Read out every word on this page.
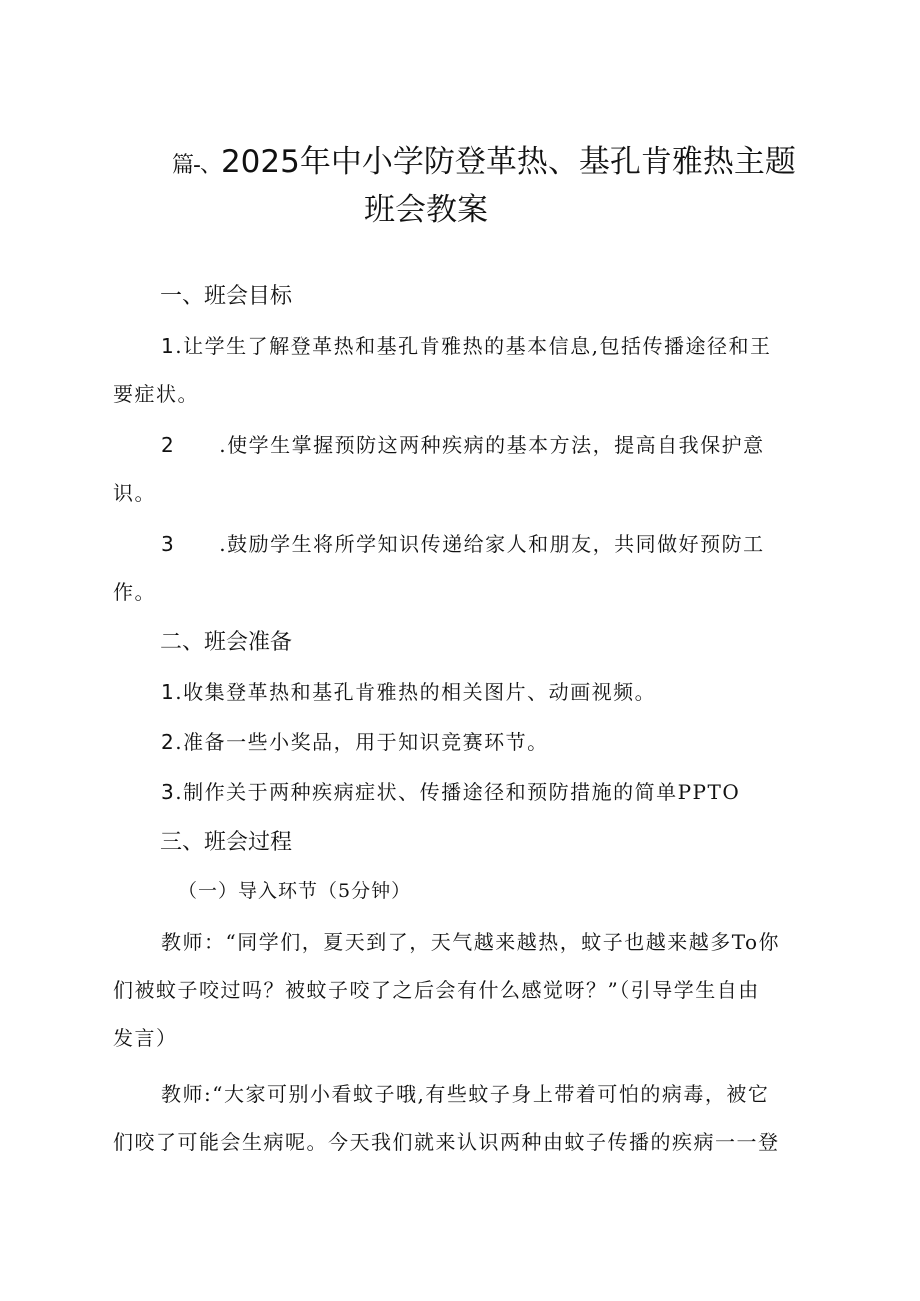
篇-、2025年中小学防登革热、基孔肯雅热主题
班会教案
一、班会目标
1.让学生了解登革热和基孔肯雅热的基本信息,包括传播途径和王
要症状。
2 .使学生掌握预防这两种疾病的基本方法，提高自我保护意
识。
3 .鼓励学生将所学知识传递给家人和朋友，共同做好预防工
作。
二、班会准备
1.收集登革热和基孔肯雅热的相关图片、动画视频。
2.准备一些小奖品，用于知识竞赛环节。
3.制作关于两种疾病症状、传播途径和预防措施的简单PPTO
三、班会过程
（一）导入环节（5分钟）
教师：“同学们，夏天到了，天气越来越热，蚊子也越来越多To你
们被蚊子咬过吗？被蚊子咬了之后会有什么感觉呀？”（引导学生自由
发言）
教师:“大家可别小看蚊子哦,有些蚊子身上带着可怕的病毒，被它
们咬了可能会生病呢。今天我们就来认识两种由蚊子传播的疾病一一登
